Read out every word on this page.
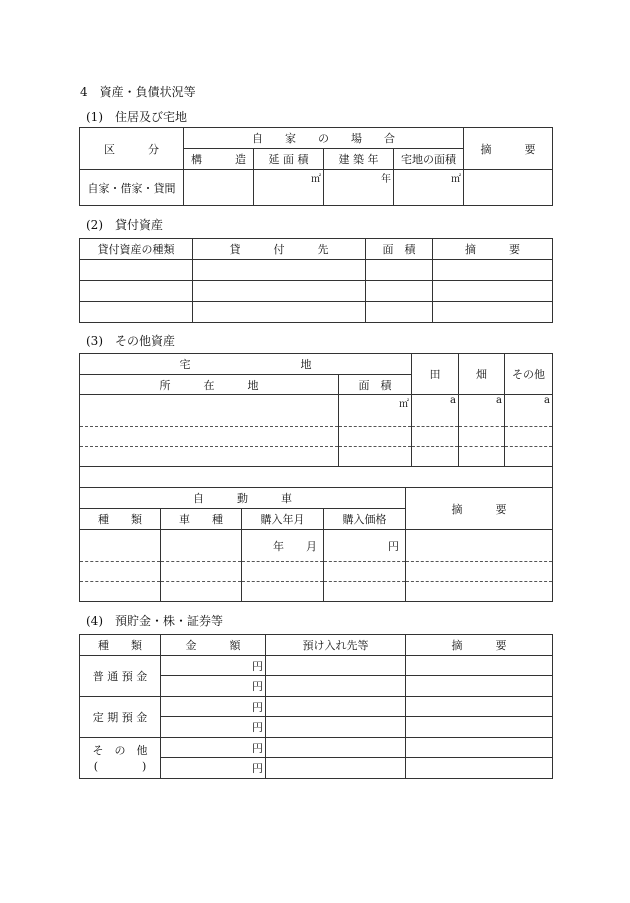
4　資産・負債状況等
(1)　住居及び宅地
区　　　分	自　　家　　の　　場　　合				摘　　　要
	構　　　造	延 面 積	建 築 年	宅地の面積	
自家・借家・貸間		㎡	年	㎡	
(2)　貸付資産
貸付資産の種類	貸　　　付　　　先	面　積	摘　　　要

(3)　その他資産
宅　　　　　　　　　　地		田	畑	その他
所　　　在　　　地	面　積			
	㎡	a	a	a

自　　　動　　　車				摘　　　要
種　　類	車　　種	購入年月	購入価格	
		年　　月	円	

(4)　預貯金・株・証券等
種　　類	金　　　額	預け入れ先等	摘　　　要
普 通 預 金	円		
	円		
定 期 預 金	円		
	円		

そ　の　他
(　　　　)	円		
	円		
